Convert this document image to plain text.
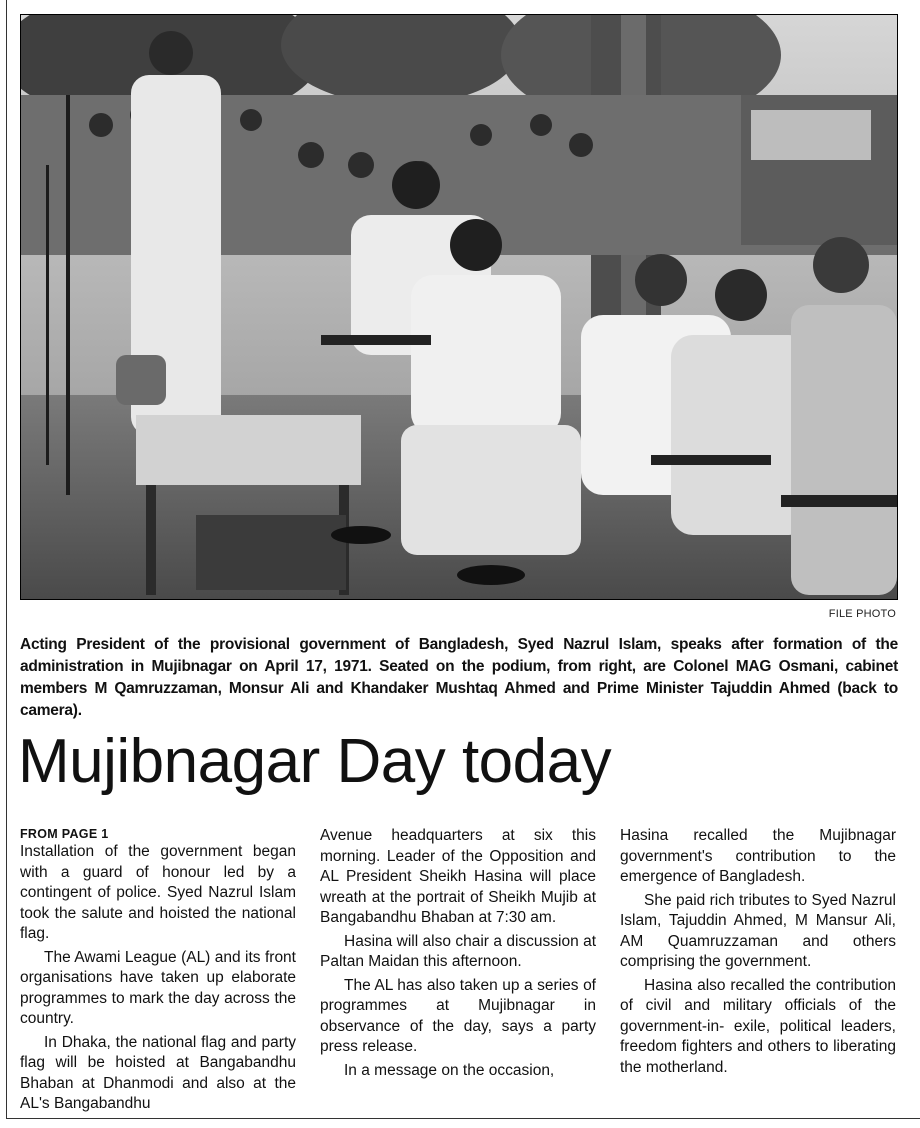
FILE PHOTO
Acting President of the provisional government of Bangladesh, Syed Nazrul Islam, speaks after formation of the administration in Mujibnagar on April 17, 1971. Seated on the podium, from right, are Colonel MAG Osmani, cabinet members M Qamruzzaman, Monsur Ali and Khandaker Mushtaq Ahmed and Prime Minister Tajuddin Ahmed (back to camera).
Mujibnagar Day today
FROM PAGE 1

Installation of the government began with a guard of honour led by a contingent of police. Syed Nazrul Islam took the salute and hoisted the national flag.

The Awami League (AL) and its front organisations have taken up elaborate programmes to mark the day across the country.

In Dhaka, the national flag and party flag will be hoisted at Bangabandhu Bhaban at Dhanmodi and also at the AL's Bangabandhu

Avenue headquarters at six this morning. Leader of the Opposition and AL President Sheikh Hasina will place wreath at the portrait of Sheikh Mujib at Bangabandhu Bhaban at 7:30 am.

Hasina will also chair a discussion at Paltan Maidan this afternoon.

The AL has also taken up a series of programmes at Mujibnagar in observance of the day, says a party press release.

In a message on the occasion,

Hasina recalled the Mujibnagar government's contribution to the emergence of Bangladesh.

She paid rich tributes to Syed Nazrul Islam, Tajuddin Ahmed, M Mansur Ali, AM Quamruzzaman and others comprising the government.

Hasina also recalled the contribution of civil and military officials of the government-in- exile, political leaders, freedom fighters and others to liberating the motherland.
